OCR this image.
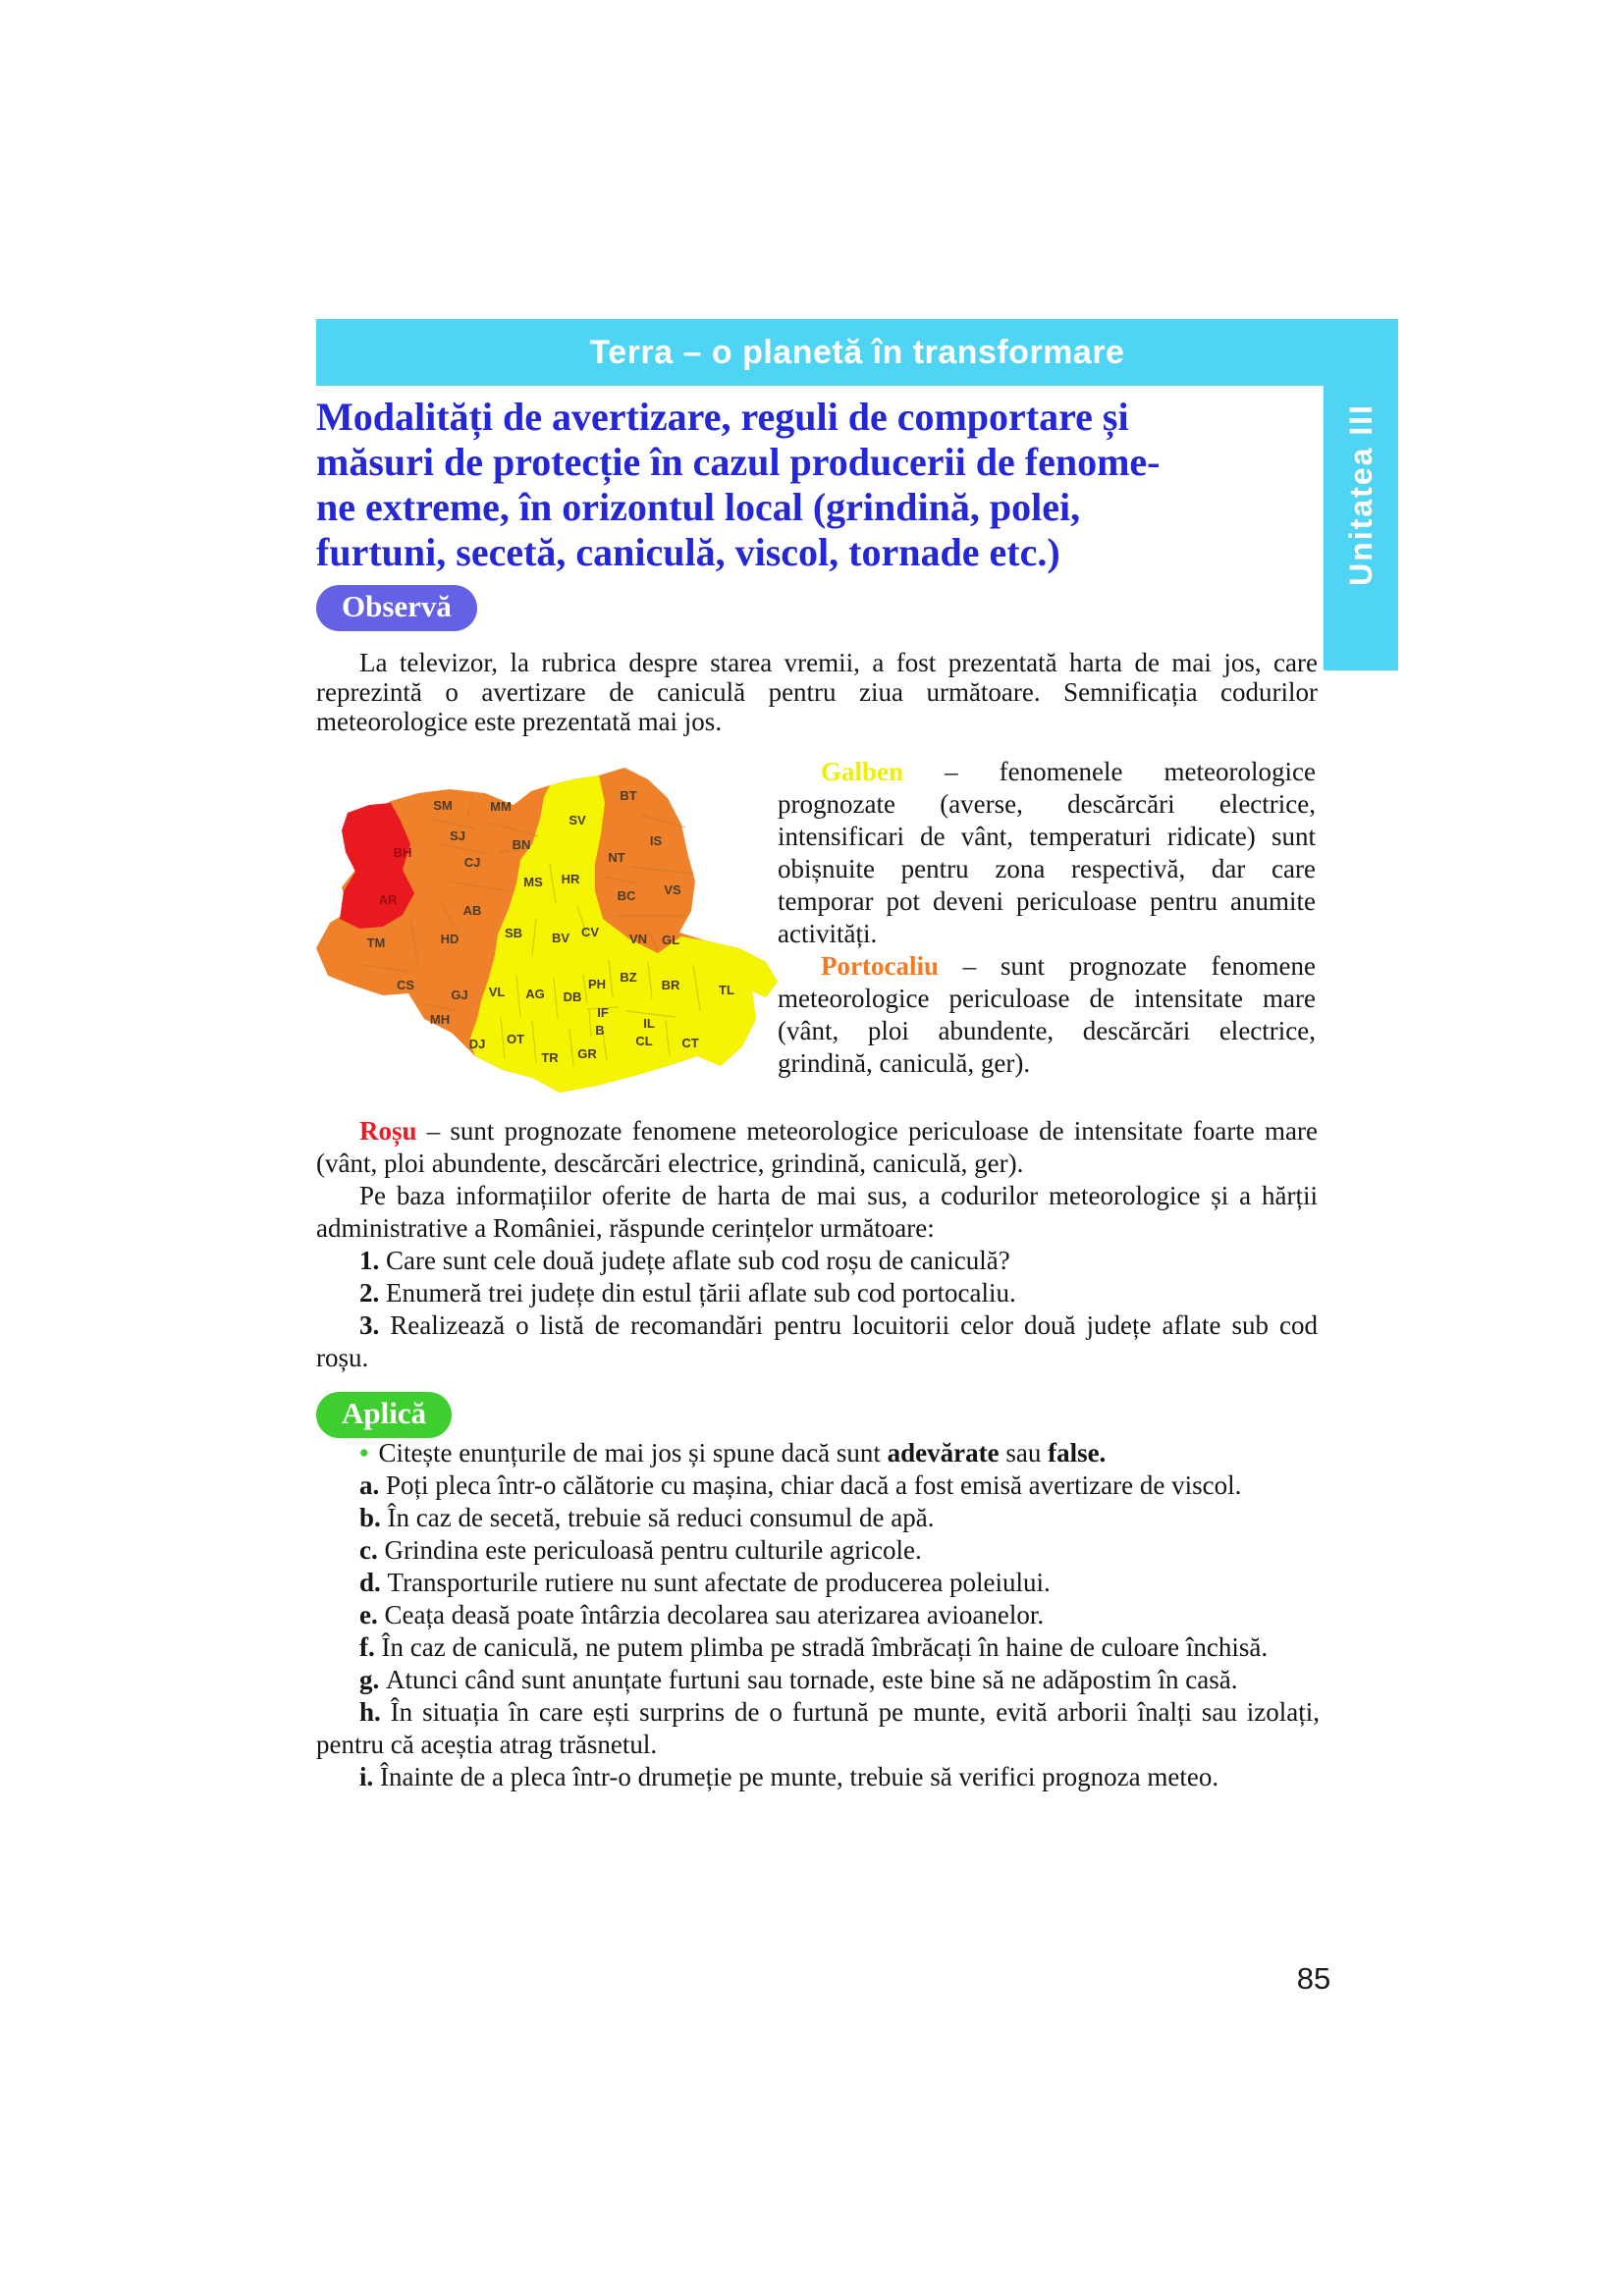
Terra – o planetă în transformare
Unitatea III
Modalități de avertizare, reguli de comportare și
măsuri de protecție în cazul producerii de fenome-
ne extreme, în orizontul local (grindină, polei,
furtuni, secetă, caniculă, viscol, tornade etc.)
Observă

La televizor, la rubrica despre starea vremii, a fost prezentată harta de mai jos, care reprezintă o avertizare de caniculă pentru ziua următoare. Semnificația codurilor meteorologice este prezentată mai jos.

SM	MM
BT
SV
SJ
BN	IS
BH
CJ	NT
MS HR
BC VS
AR
AB
SB BV CV
TM	HD	VN GL
CS
GJ VL AG DB
PH BZ
BR	TL
MH	IF
B	IL
DJ OT	CL CT
TR GR

Galben – fenomenele meteorologice prognozate (averse, descărcări electrice, intensificari de vânt, temperaturi ridicate) sunt obișnuite pentru zona respectivă, dar care temporar pot deveni periculoase pentru anumite activități.

Portocaliu – sunt prognozate fenomene meteorologice periculoase de intensitate mare (vânt, ploi abundente, descărcări electrice, grindină, caniculă, ger).

Roșu – sunt prognozate fenomene meteorologice periculoase de intensitate foarte mare (vânt, ploi abundente, descărcări electrice, grindină, caniculă, ger).

Pe baza informațiilor oferite de harta de mai sus, a codurilor meteorologice și a hărții administrative a României, răspunde cerințelor următoare:

1. Care sunt cele două județe aflate sub cod roșu de caniculă?

2. Enumeră trei județe din estul țării aflate sub cod portocaliu.

3. Realizează o listă de recomandări pentru locuitorii celor două județe aflate sub cod roșu.

Aplică

• Citește enunțurile de mai jos și spune dacă sunt adevărate sau false.

a. Poți pleca într-o călătorie cu mașina, chiar dacă a fost emisă avertizare de viscol.

b. În caz de secetă, trebuie să reduci consumul de apă.

c. Grindina este periculoasă pentru culturile agricole.

d. Transporturile rutiere nu sunt afectate de producerea poleiului.

e. Ceața deasă poate întârzia decolarea sau aterizarea avioanelor.

f. În caz de caniculă, ne putem plimba pe stradă îmbrăcați în haine de culoare închisă.

g. Atunci când sunt anunțate furtuni sau tornade, este bine să ne adăpostim în casă.

h. În situația în care ești surprins de o furtună pe munte, evită arborii înalți sau izolați, pentru că aceștia atrag trăsnetul.

i. Înainte de a pleca într-o drumeție pe munte, trebuie să verifici prognoza meteo.

85
